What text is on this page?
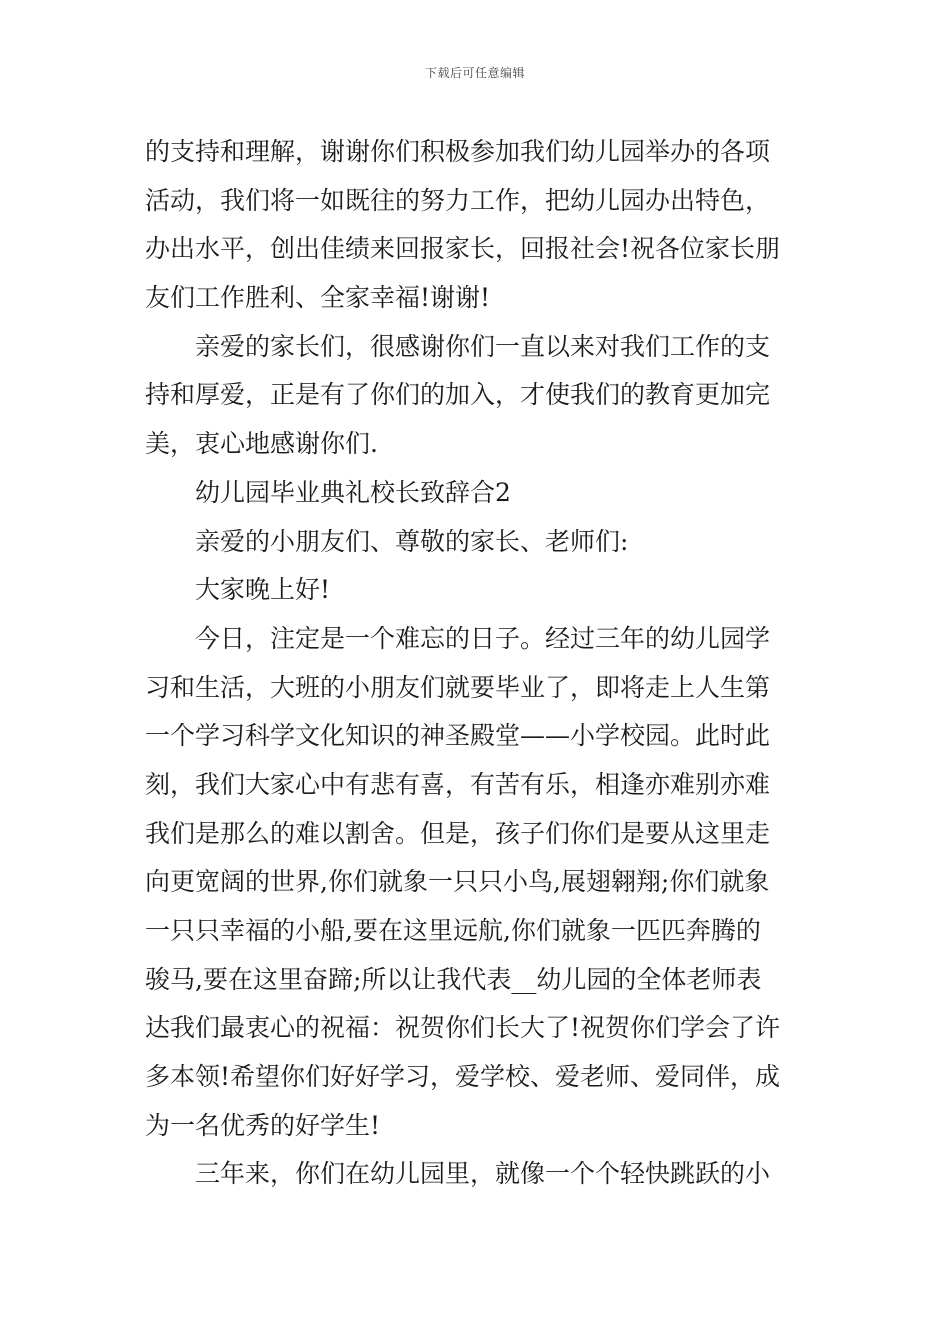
下载后可任意编辑
的支持和理解，谢谢你们积极参加我们幼儿园举办的各项
活动，我们将一如既往的努力工作，把幼儿园办出特色，
办出水平，创出佳绩来回报家长，回报社会!祝各位家长朋
友们工作胜利、全家幸福!谢谢!
亲爱的家长们，很感谢你们一直以来对我们工作的支
持和厚爱，正是有了你们的加入，才使我们的教育更加完
美，衷心地感谢你们.
幼儿园毕业典礼校长致辞合2
亲爱的小朋友们、尊敬的家长、老师们:
大家晚上好!
今日，注定是一个难忘的日子。经过三年的幼儿园学
习和生活，大班的小朋友们就要毕业了，即将走上人生第
一个学习科学文化知识的神圣殿堂——小学校园。此时此
刻，我们大家心中有悲有喜，有苦有乐，相逢亦难别亦难
我们是那么的难以割舍。但是，孩子们你们是要从这里走
向更宽阔的世界,你们就象一只只小鸟,展翅翱翔;你们就象
一只只幸福的小船,要在这里远航,你们就象一匹匹奔腾的
骏马,要在这里奋蹄;所以让我代表__幼儿园的全体老师表
达我们最衷心的祝福：祝贺你们长大了!祝贺你们学会了许
多本领!希望你们好好学习，爱学校、爱老师、爱同伴，成
为一名优秀的好学生!
三年来，你们在幼儿园里，就像一个个轻快跳跃的小
